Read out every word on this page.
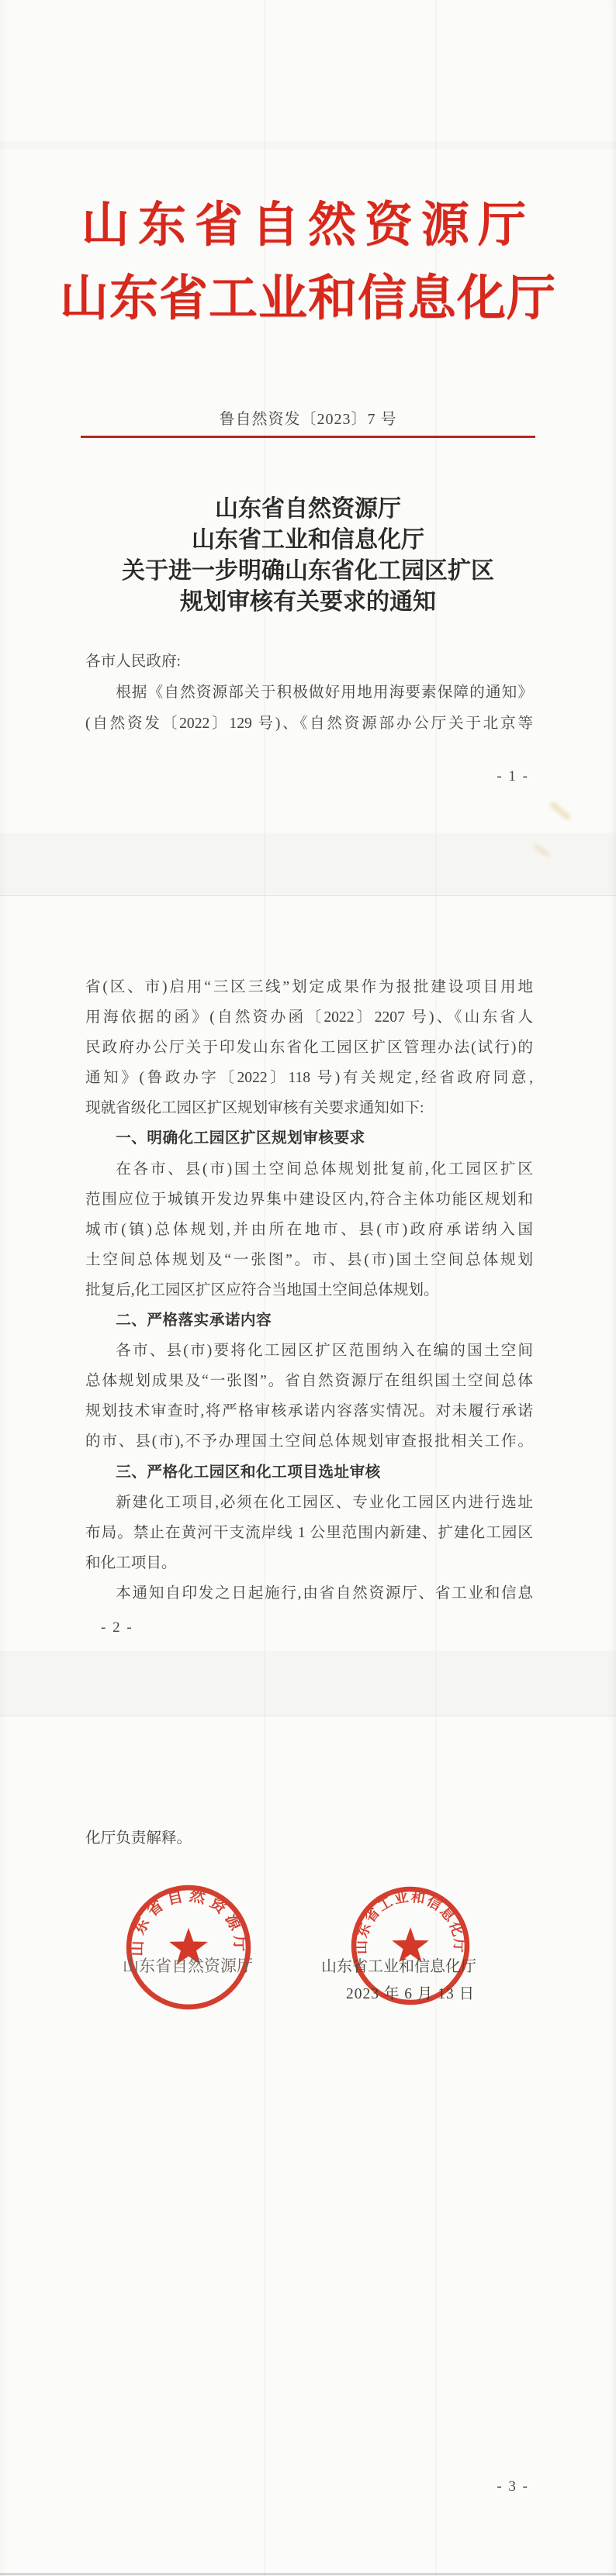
山东省自然资源厅
山东省工业和信息化厅
鲁自然资发〔2023〕7 号
山东省自然资源厅
山东省工业和信息化厅
关于进一步明确山东省化工园区扩区
规划审核有关要求的通知
各市人民政府:
根据《自然资源部关于积极做好用地用海要素保障的通知》
(自然资发〔2022〕129 号)、《自然资源部办公厅关于北京等
- 1 -
省(区、市)启用“三区三线”划定成果作为报批建设项目用地
用海依据的函》(自然资办函〔2022〕2207 号)、《山东省人
民政府办公厅关于印发山东省化工园区扩区管理办法(试行)的
通知》(鲁政办字〔2022〕118 号)有关规定,经省政府同意,
现就省级化工园区扩区规划审核有关要求通知如下:
一、明确化工园区扩区规划审核要求
在各市、县(市)国土空间总体规划批复前,化工园区扩区
范围应位于城镇开发边界集中建设区内,符合主体功能区规划和
城市(镇)总体规划,并由所在地市、县(市)政府承诺纳入国
土空间总体规划及“一张图”。市、县(市)国土空间总体规划
批复后,化工园区扩区应符合当地国土空间总体规划。
二、严格落实承诺内容
各市、县(市)要将化工园区扩区范围纳入在编的国土空间
总体规划成果及“一张图”。省自然资源厅在组织国土空间总体
规划技术审查时,将严格审核承诺内容落实情况。对未履行承诺
的市、县(市),不予办理国土空间总体规划审查报批相关工作。
三、严格化工园区和化工项目选址审核
新建化工项目,必须在化工园区、专业化工园区内进行选址
布局。禁止在黄河干支流岸线 1 公里范围内新建、扩建化工园区
和化工项目。
本通知自印发之日起施行,由省自然资源厅、省工业和信息
- 2 -
化厅负责解释。
山东省自然资源厅	山东省工业和信息化厅
山东省自然资源厅	山东省工业和信息化厅
2023 年 6 月 13 日
- 3 -
